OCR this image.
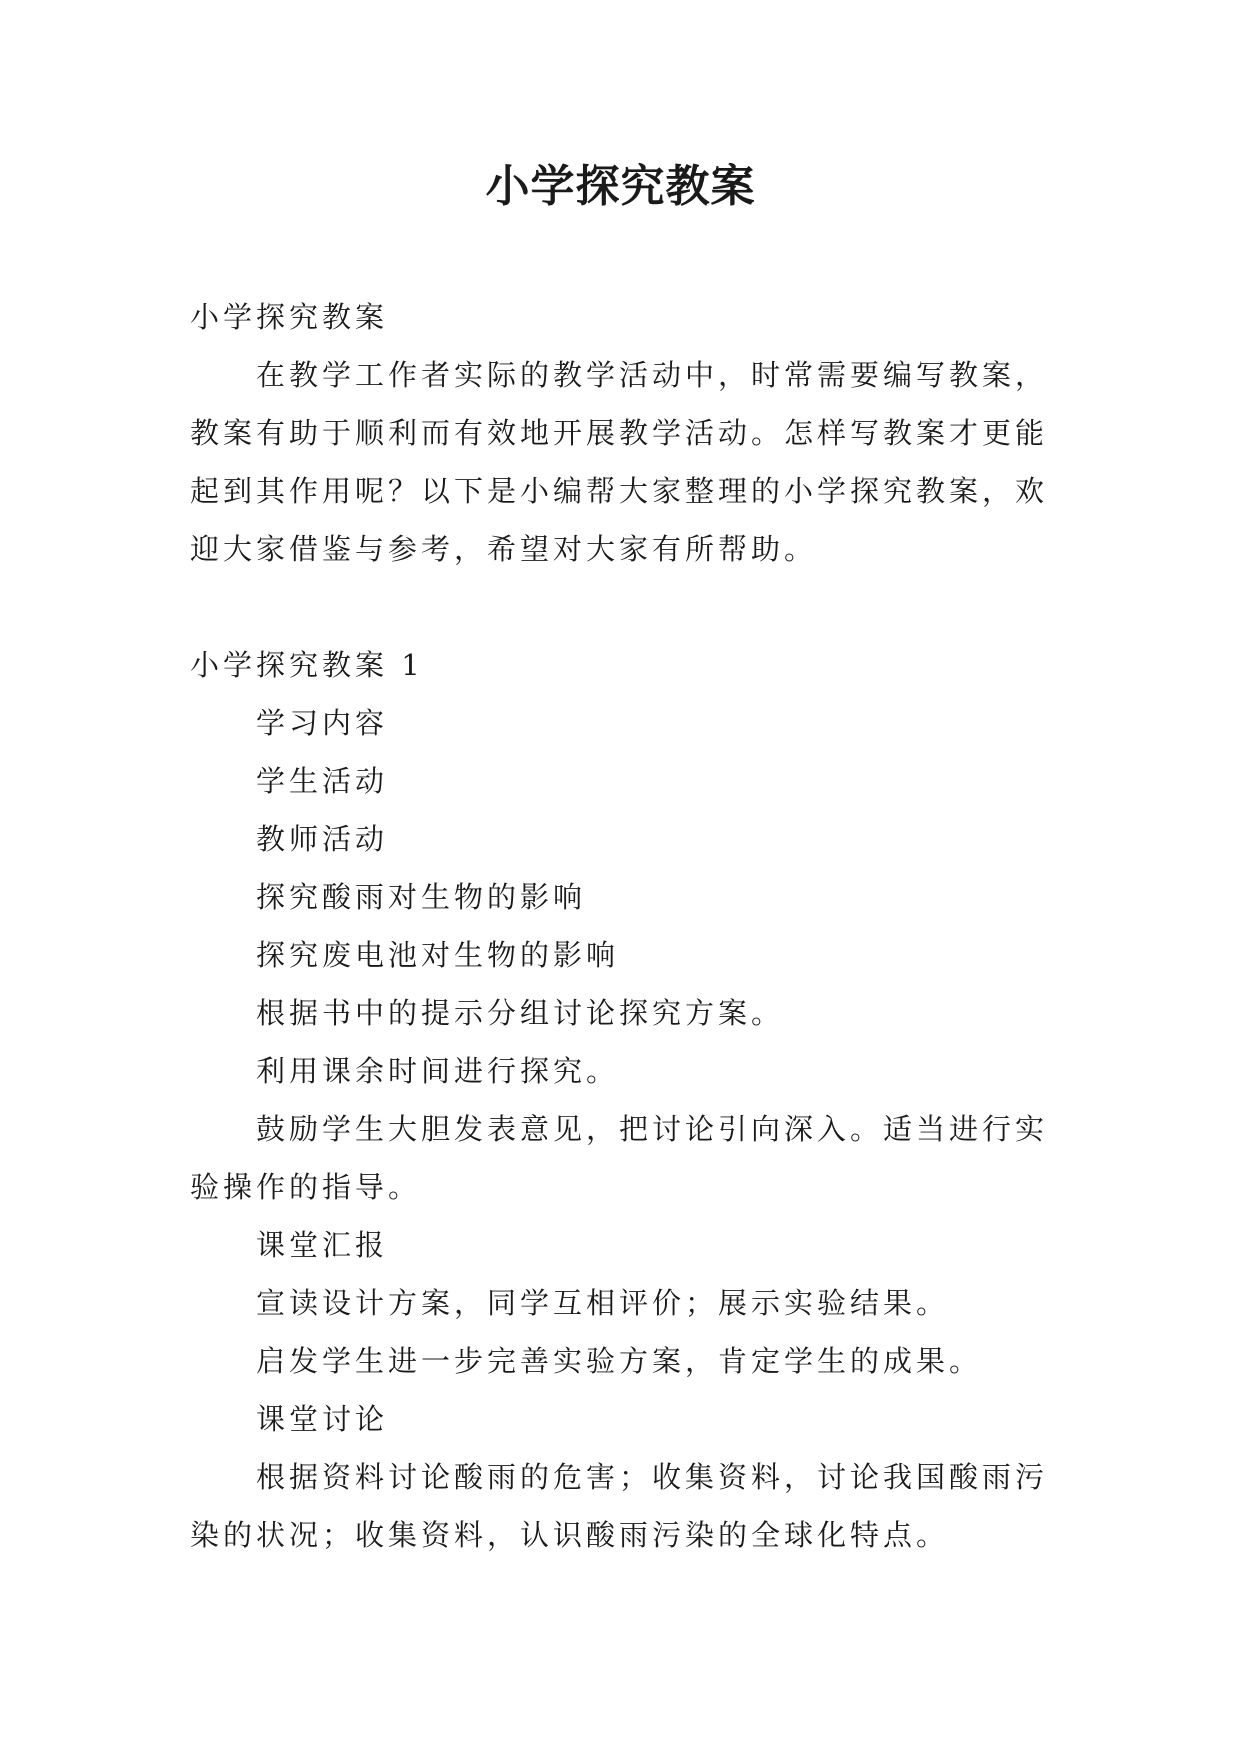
小学探究教案

小学探究教案

在教学工作者实际的教学活动中，时常需要编写教案，教案有助于顺利而有效地开展教学活动。怎样写教案才更能起到其作用呢？以下是小编帮大家整理的小学探究教案，欢迎大家借鉴与参考，希望对大家有所帮助。

小学探究教案 1

学习内容

学生活动

教师活动

探究酸雨对生物的影响

探究废电池对生物的影响

根据书中的提示分组讨论探究方案。

利用课余时间进行探究。

鼓励学生大胆发表意见，把讨论引向深入。适当进行实验操作的指导。

课堂汇报

宣读设计方案，同学互相评价；展示实验结果。

启发学生进一步完善实验方案，肯定学生的成果。

课堂讨论

根据资料讨论酸雨的危害；收集资料，讨论我国酸雨污染的状况；收集资料，认识酸雨污染的全球化特点。
